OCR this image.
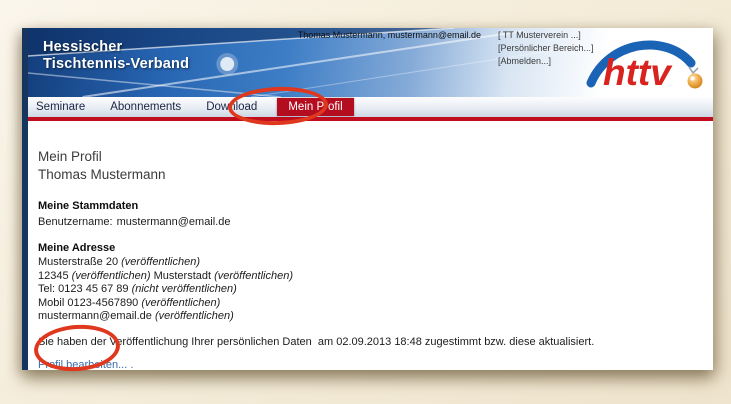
Hessischer
Tischtennis-Verband
Thomas Mustermann, mustermann@email.de [ TT Musterverein ...]
[Persönlicher Bereich...]
[Abmelden...]	httv
Seminare	Abonnements	Download	Mein Profil
Mein Profil
Thomas Mustermann
Meine Stammdaten
Benutzername: mustermann@email.de
Meine Adresse
Musterstraße 20 (veröffentlichen)
12345 (veröffentlichen) Musterstadt (veröffentlichen)
Tel: 0123 45 67 89 (nicht veröffentlichen)
Mobil 0123-4567890 (veröffentlichen)
mustermann@email.de (veröffentlichen)

Sie haben der Veröffentlichung Ihrer persönlichen Daten  am 02.09.2013 18:48 zugestimmt bzw. diese aktualisiert.

Profil bearbeiten... .
